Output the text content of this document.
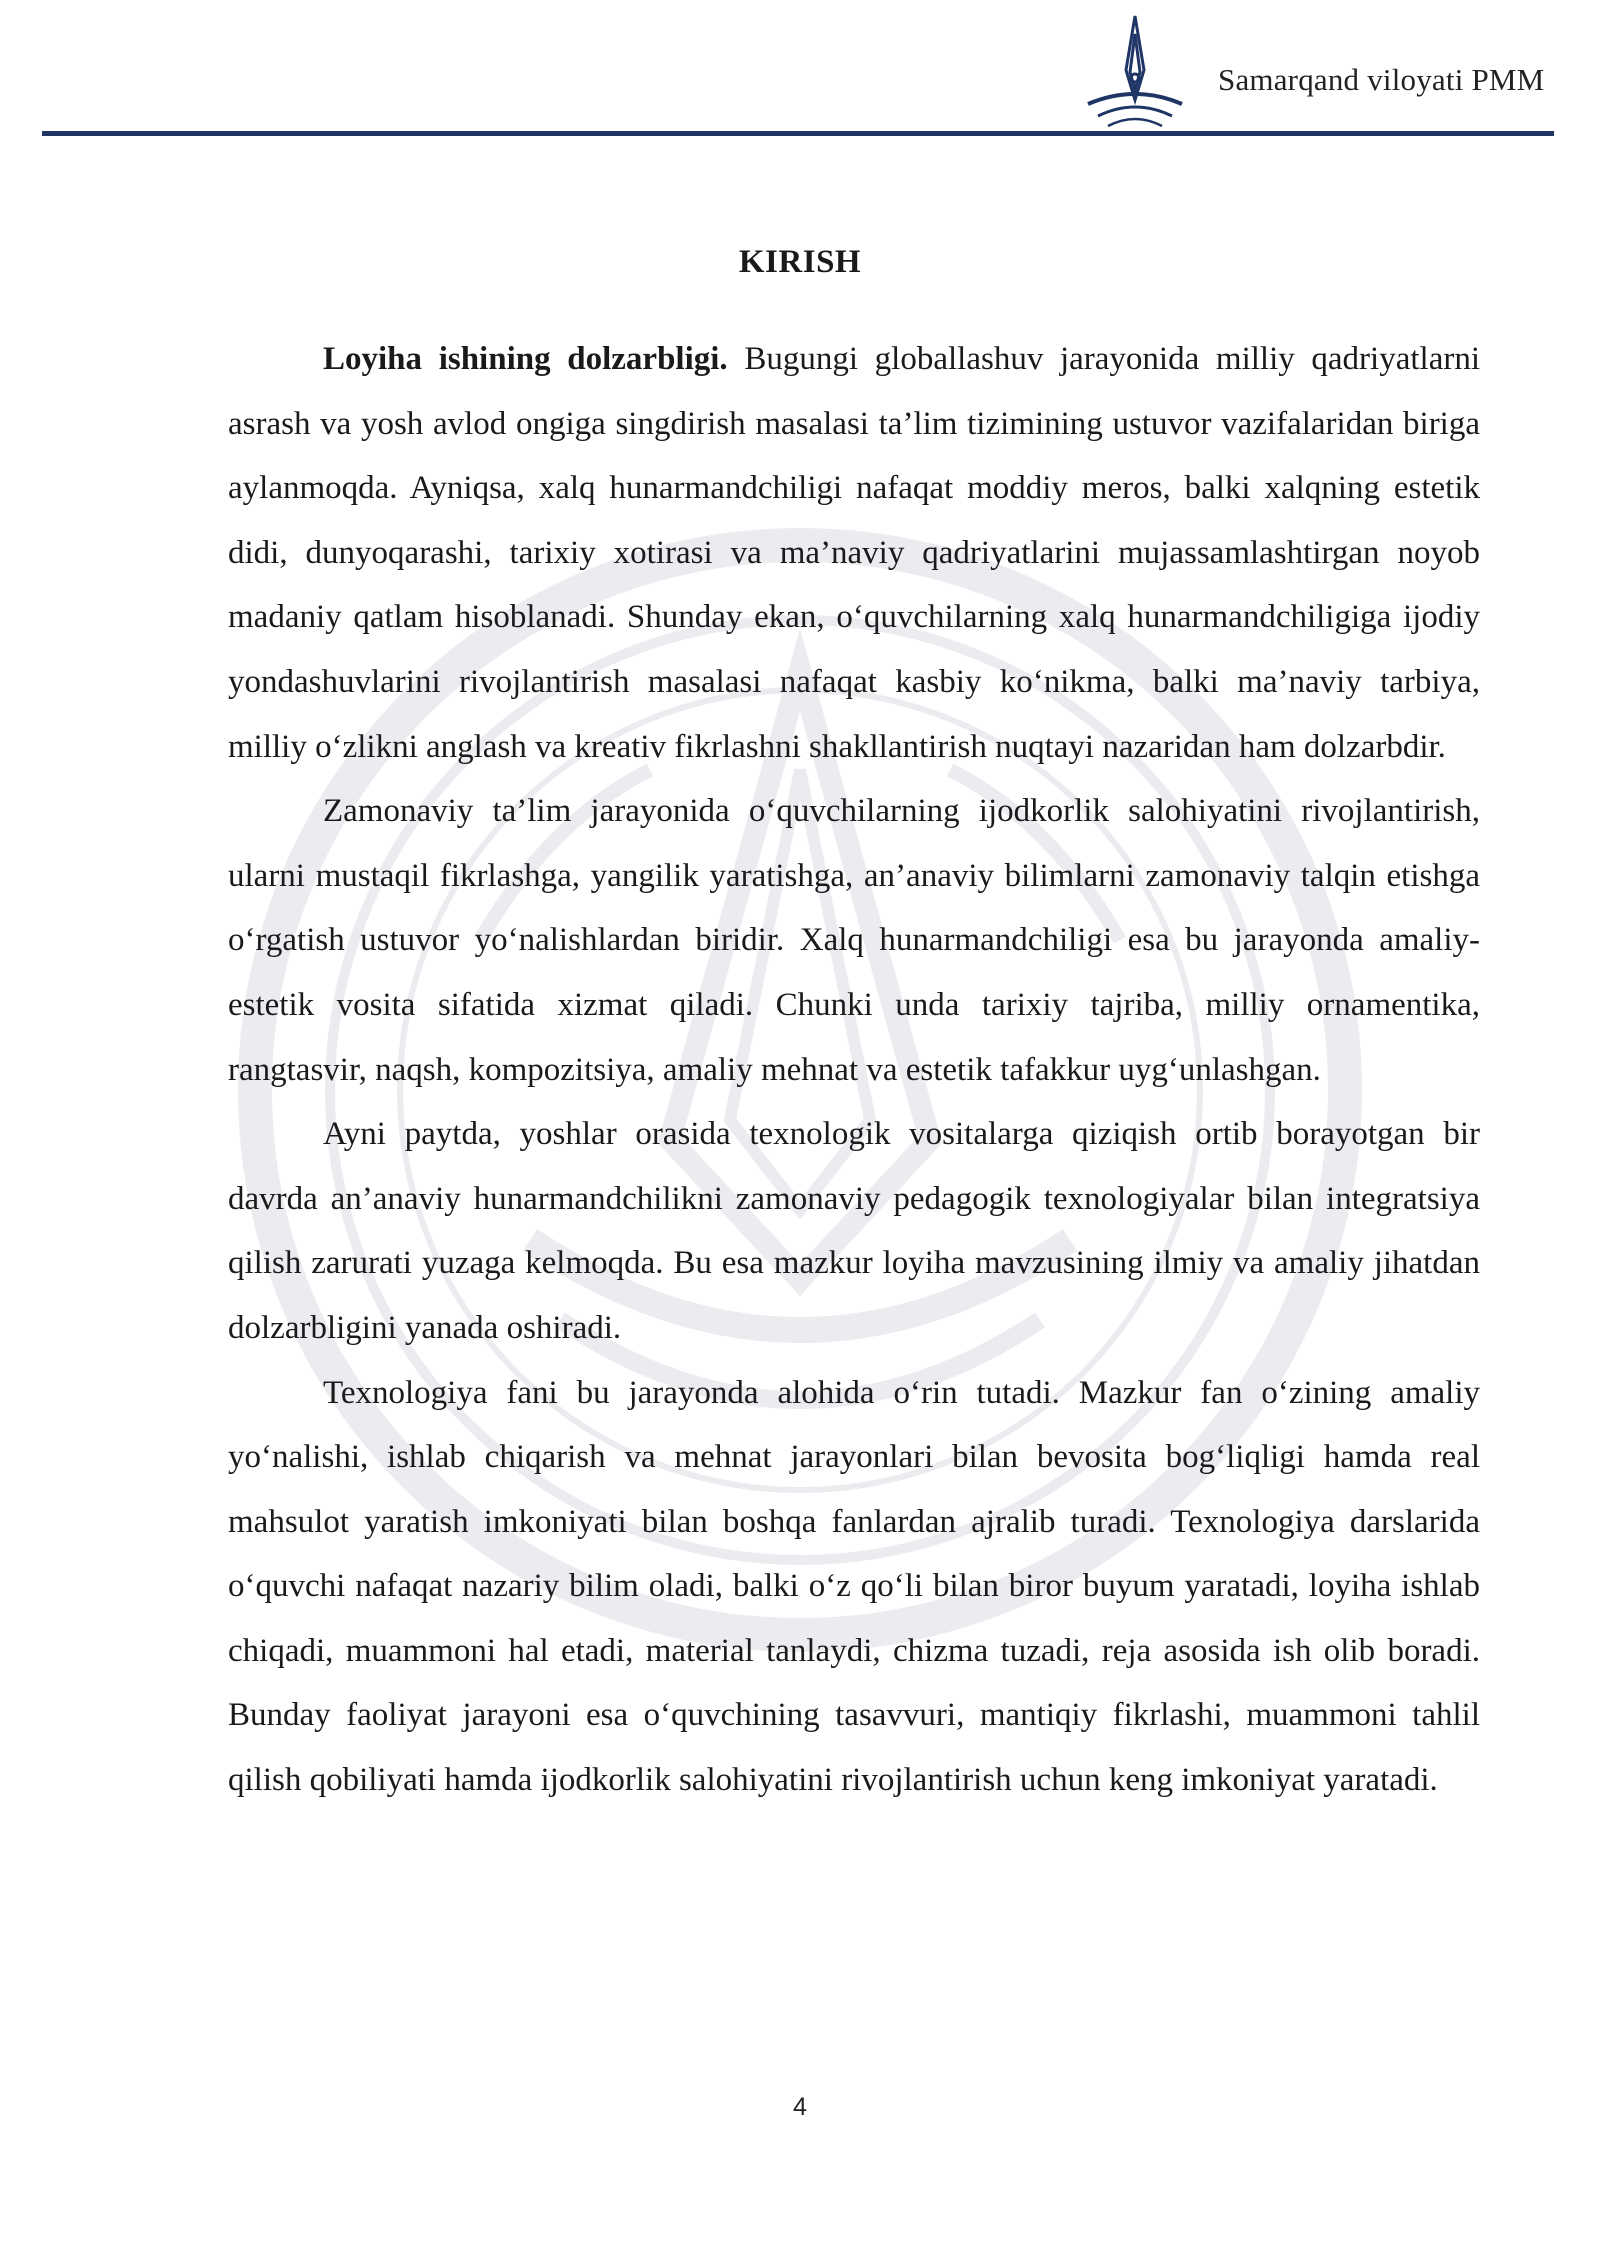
Samarqand viloyati PMM
KIRISH

Loyiha ishining dolzarbligi. Bugungi globallashuv jarayonida milliy qadriyatlarni asrash va yosh avlod ongiga singdirish masalasi ta’lim tizimining ustuvor vazifalaridan biriga aylanmoqda. Ayniqsa, xalq hunarmandchiligi nafaqat moddiy meros, balki xalqning estetik didi, dunyoqarashi, tarixiy xotirasi va ma’naviy qadriyatlarini mujassamlashtirgan noyob madaniy qatlam hisoblanadi. Shunday ekan, o‘quvchilarning xalq hunarmandchiligiga ijodiy yondashuvlarini rivojlantirish masalasi nafaqat kasbiy ko‘nikma, balki ma’naviy tarbiya, milliy o‘zlikni anglash va kreativ fikrlashni shakllantirish nuqtayi nazaridan ham dolzarbdir.

Zamonaviy ta’lim jarayonida o‘quvchilarning ijodkorlik salohiyatini rivojlantirish, ularni mustaqil fikrlashga, yangilik yaratishga, an’anaviy bilimlarni zamonaviy talqin etishga o‘rgatish ustuvor yo‘nalishlardan biridir. Xalq hunarmandchiligi esa bu jarayonda amaliy-estetik vosita sifatida xizmat qiladi. Chunki unda tarixiy tajriba, milliy ornamentika, rangtasvir, naqsh, kompozitsiya, amaliy mehnat va estetik tafakkur uyg‘unlashgan.

Ayni paytda, yoshlar orasida texnologik vositalarga qiziqish ortib borayotgan bir davrda an’anaviy hunarmandchilikni zamonaviy pedagogik texnologiyalar bilan integratsiya qilish zarurati yuzaga kelmoqda. Bu esa mazkur loyiha mavzusining ilmiy va amaliy jihatdan dolzarbligini yanada oshiradi.

Texnologiya fani bu jarayonda alohida o‘rin tutadi. Mazkur fan o‘zining amaliy yo‘nalishi, ishlab chiqarish va mehnat jarayonlari bilan bevosita bog‘liqligi hamda real mahsulot yaratish imkoniyati bilan boshqa fanlardan ajralib turadi. Texnologiya darslarida o‘quvchi nafaqat nazariy bilim oladi, balki o‘z qo‘li bilan biror buyum yaratadi, loyiha ishlab chiqadi, muammoni hal etadi, material tanlaydi, chizma tuzadi, reja asosida ish olib boradi. Bunday faoliyat jarayoni esa o‘quvchining tasavvuri, mantiqiy fikrlashi, muammoni tahlil qilish qobiliyati hamda ijodkorlik salohiyatini rivojlantirish uchun keng imkoniyat yaratadi.

4
